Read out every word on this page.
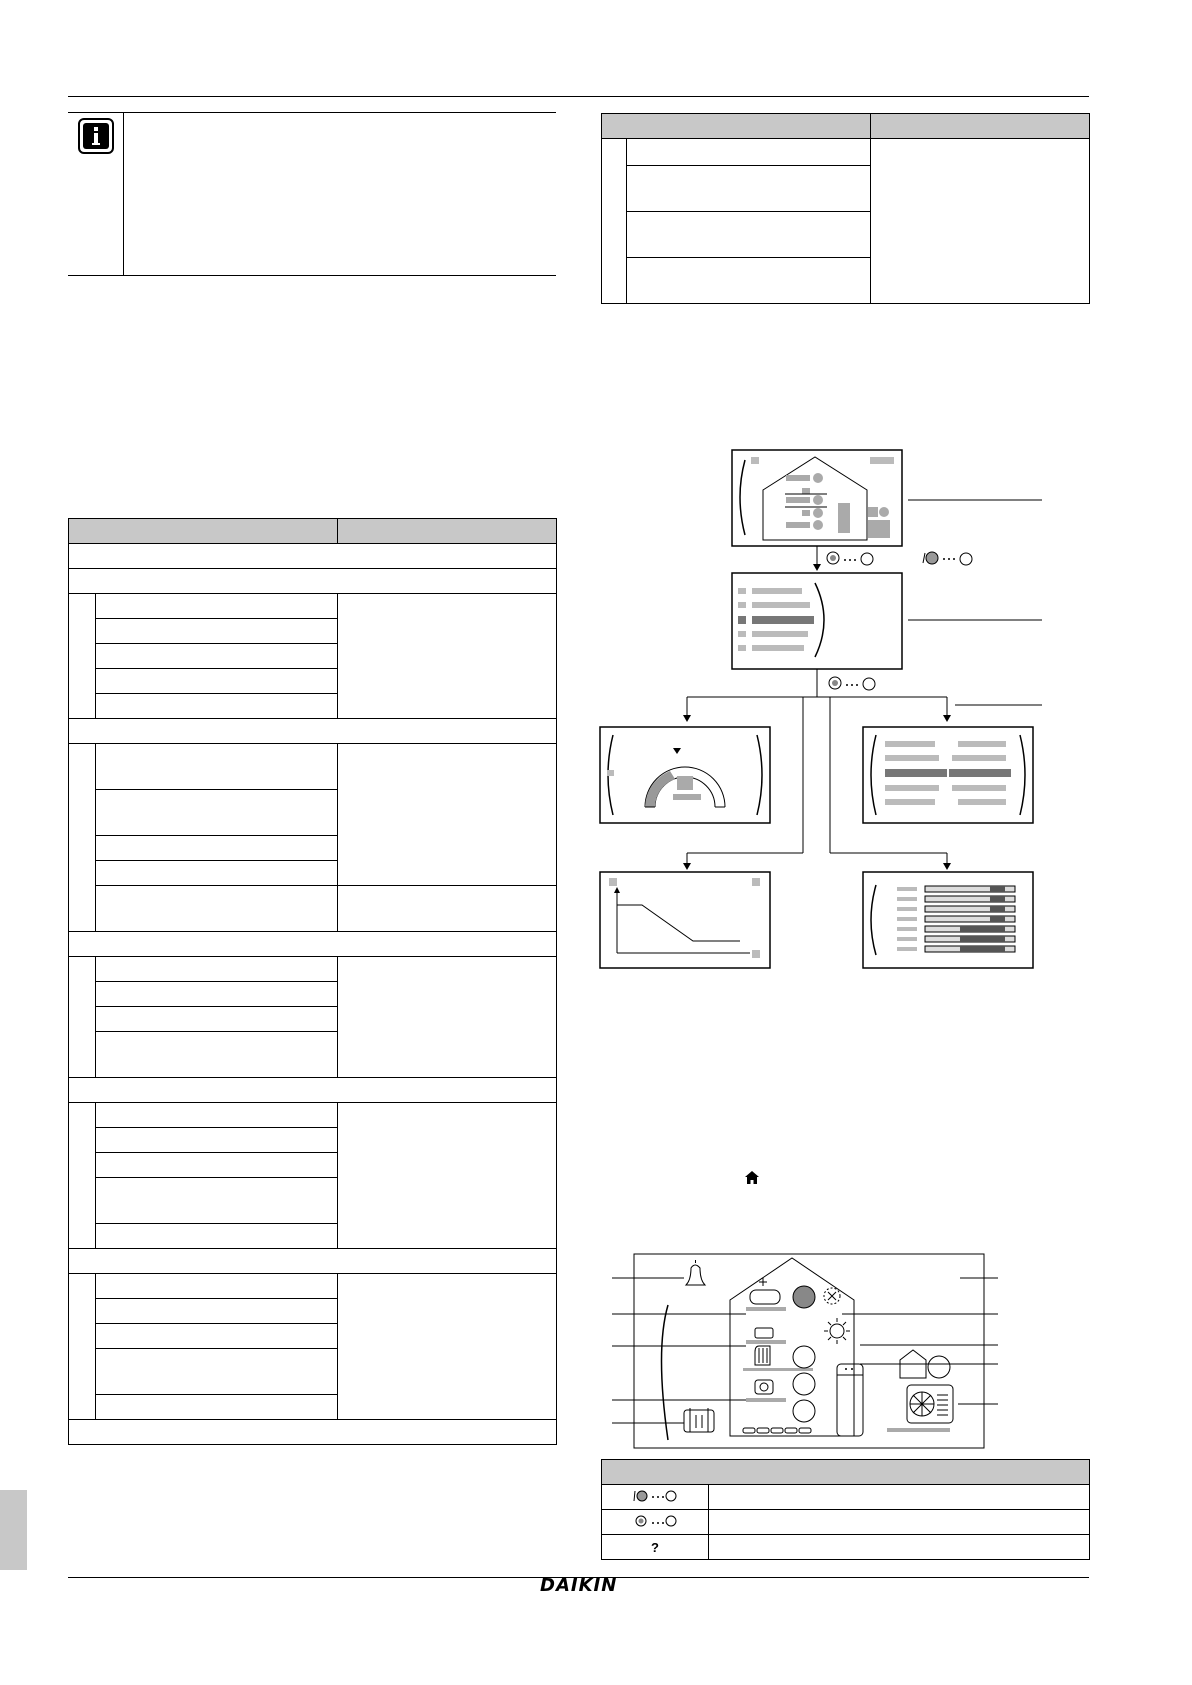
?	
DAIKIN
